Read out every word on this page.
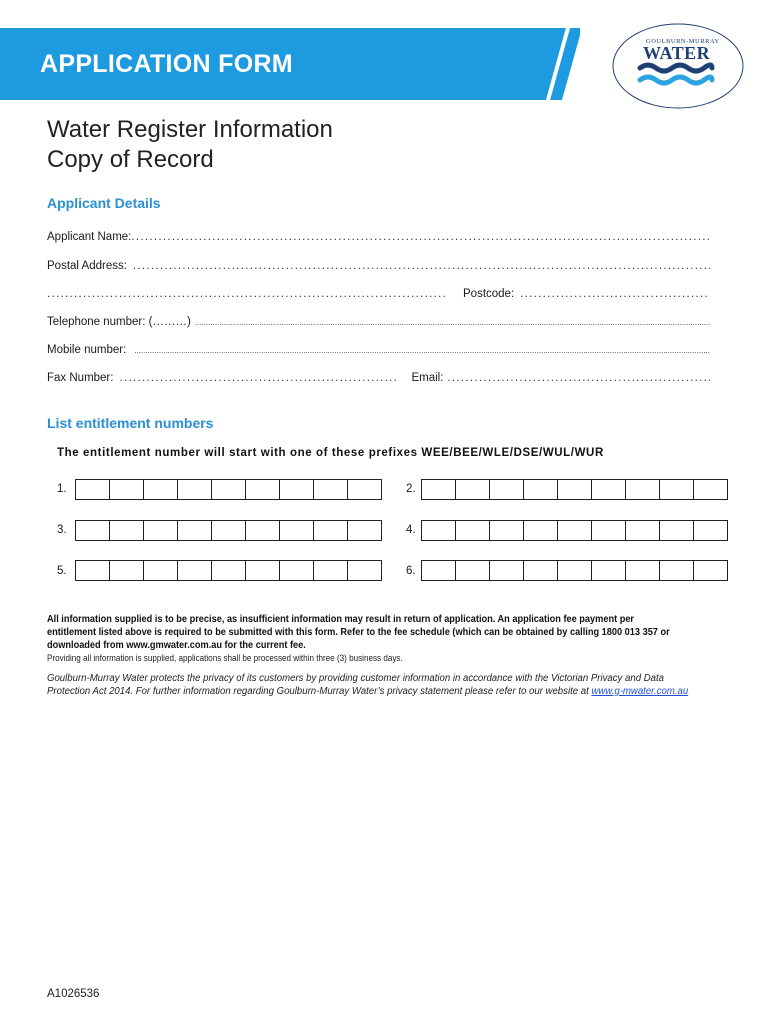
APPLICATION FORM
GOULBURN-MURRAY
WATER
Water Register Information
Copy of Record
Applicant Details
Applicant Name:
.....
Postal Address:
.....
.....
Postcode:
.....
Telephone number: (………)
.....
Mobile number:
.....
Fax Number:
.....	Email:
.....
List entitlement numbers
The entitlement number will start with one of these prefixes WEE/BEE/WLE/DSE/WUL/WUR
1.	2.
3.	4.
5.	6.
All information supplied is to be precise, as insufficient information may result in return of application. An application fee payment per entitlement listed above is required to be submitted with this form. Refer to the fee schedule (which can be obtained by calling 1800 013 357 or downloaded from www.gmwater.com.au for the current fee.
Providing all information is supplied, applications shall be processed within three (3) business days.
Goulburn-Murray Water protects the privacy of its customers by providing customer information in accordance with the Victorian Privacy and Data Protection Act 2014. For further information regarding Goulburn-Murray Water’s privacy statement please refer to our website at www.g-mwater.com.au
A1026536
